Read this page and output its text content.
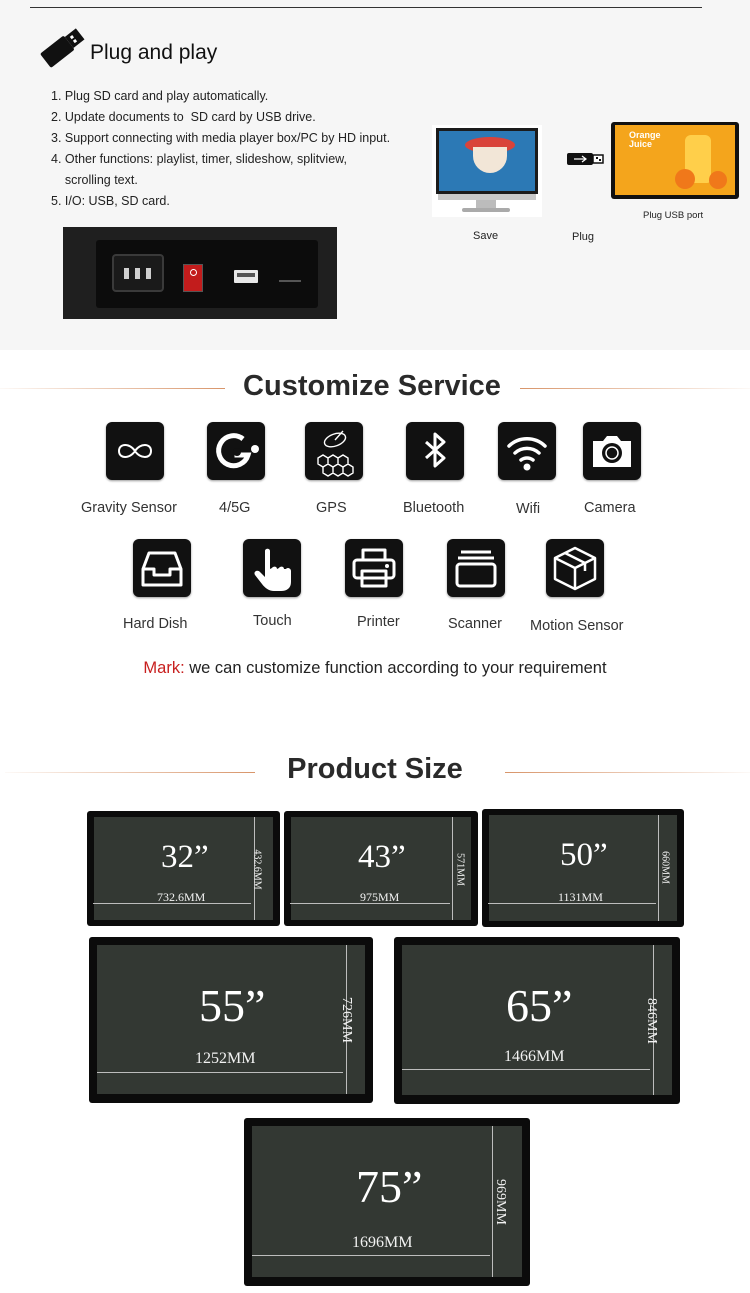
Plug and play
1. Plug SD card and play automatically.
2. Update documents to  SD card by USB drive.
3. Support connecting with media player box/PC by HD input.
4. Other functions: playlist, timer, slideshow, splitview,
scrolling text.
5. I/O: USB, SD card.
Orange Juice
Save	Plug
Plug USB port
Customize Service
Gravity Sensor	4/5G	GPS	Bluetooth	Wifi	Camera
Hard Dish	Touch	Printer	Scanner Motion Sensor
Mark: we can customize function according to your requirement
Product Size
32”
732.6MM
432.6MM	43”
975MM
571MM	50”
1131MM
660MM
55”
1252MM
726MM	65”
1466MM
846MM
75”
1696MM
969MM
